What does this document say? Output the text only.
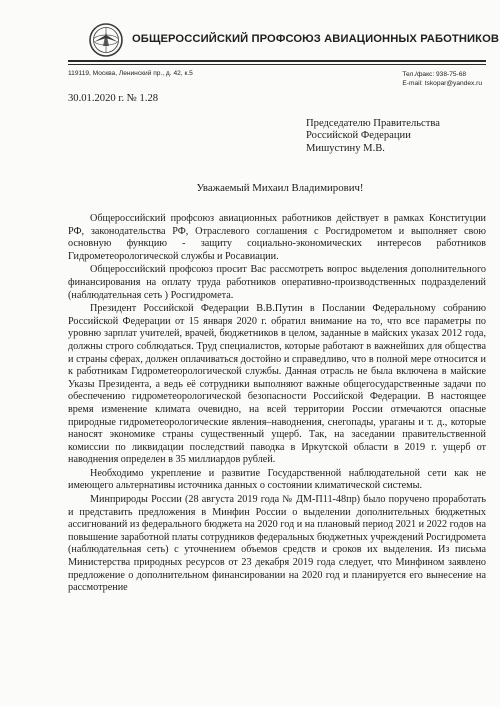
ОБЩЕРОССИЙСКИЙ ПРОФСОЮЗ АВИАЦИОННЫХ РАБОТНИКОВ
119119, Москва, Ленинский пр., д. 42, к.5	Тел./факс: 938-75-68
E-mail: tskopar@yandex.ru
30.01.2020 г. № 1.28
Председателю Правительства
Российской Федерации
Мишустину М.В.
Уважаемый Михаил Владимирович!

Общероссийский профсоюз авиационных работников действует в рамках Конституции РФ, законодательства РФ, Отраслевого соглашения с Росгидрометом и выполняет свою основную функцию - защиту социально-экономических интересов работников Гидрометеорологической службы и Росавиации.

Общероссийский профсоюз просит Вас рассмотреть вопрос выделения дополнительного финансирования на оплату труда работников оперативно-производственных подразделений (наблюдательная сеть ) Росгидромета.

Президент Российской Федерации В.В.Путин в Послании Федеральному собранию Российской Федерации от 15 января 2020 г. обратил внимание на то, что все параметры по уровню зарплат учителей, врачей, бюджетников в целом, заданные в майских указах 2012 года, должны строго соблюдаться. Труд специалистов, которые работают в важнейших для общества и страны сферах, должен оплачиваться достойно и справедливо, что в полной мере относится и к работникам Гидрометеорологической службы. Данная отрасль не была включена в майские Указы Президента, а ведь её сотрудники выполняют важные общегосударственные задачи по обеспечению гидрометеорологической безопасности Российской Федерации. В настоящее время изменение климата очевидно, на всей территории России отмечаются опасные природные гидрометеорологические явления–наводнения, снегопады, ураганы и т. д., которые наносят экономике страны существенный ущерб. Так, на заседании правительственной комиссии по ликвидации последствий паводка в Иркутской области в 2019 г. ущерб от наводнения определен в 35 миллиардов рублей.

Необходимо укрепление и развитие Государственной наблюдательной сети как не имеющего альтернативы источника данных о состоянии климатической системы.

Минприроды России (28 августа 2019 года № ДМ-П11-48пр) было поручено проработать и представить предложения в Минфин России о выделении дополнительных бюджетных ассигнований из федерального бюджета на 2020 год и на плановый период 2021 и 2022 годов на повышение заработной платы сотрудников федеральных бюджетных учреждений Росгидромета (наблюдательная сеть) с уточнением объемов средств и сроков их выделения. Из письма Министерства природных ресурсов от 23 декабря 2019 года следует, что Минфином заявлено предложение о дополнительном финансировании на 2020 год и планируется его вынесение на рассмотрение
